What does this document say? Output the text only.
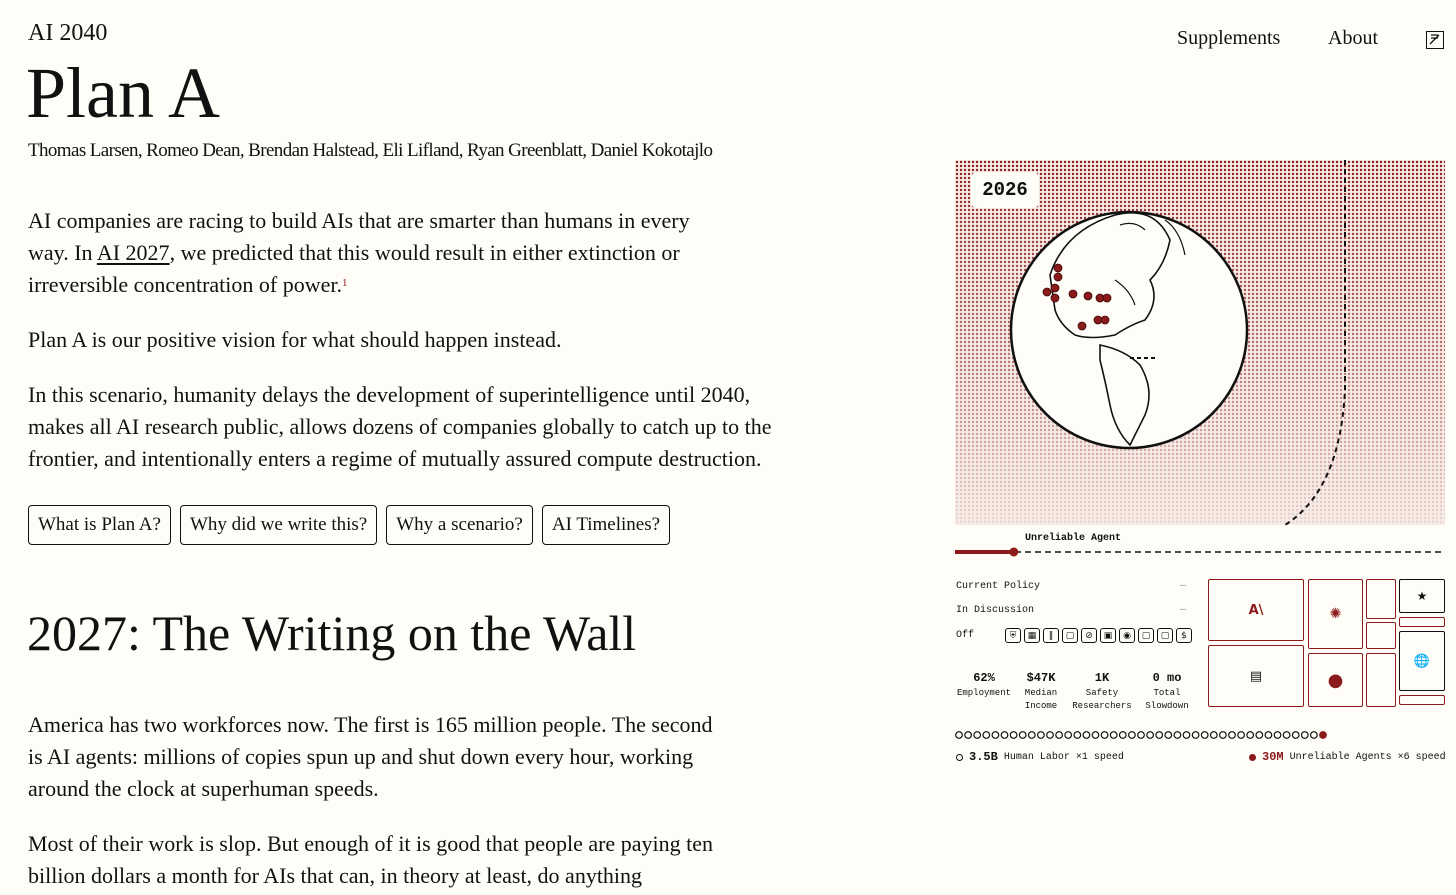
AI 2040	Supplements About
Plan A
Thomas Larsen, Romeo Dean, Brendan Halstead, Eli Lifland, Ryan Greenblatt, Daniel Kokotajlo

AI companies are racing to build AIs that are smarter than humans in every way. In AI 2027, we predicted that this would result in either extinction or irreversible concentration of power.$^1$

Plan A is our positive vision for what should happen instead.

In this scenario, humanity delays the development of superintelligence until 2040, makes all AI research public, allows dozens of companies globally to catch up to the frontier, and intentionally enters a regime of mutually assured compute destruction.

What is Plan A?	Why did we write this?	Why a scenario?	AI Timelines?
2027: The Writing on the Wall

America has two workforces now. The first is 165 million people. The second is AI agents: millions of copies spun up and shut down every hour, working around the clock at superhuman speeds.

Most of their work is slop. But enough of it is good that people are paying ten billion dollars a month for AIs that can, in theory at least, do anything

2026
Unreliable Agent
Current Policy	—
In Discussion	—
Off	⛨	▦	‖	▢	⊘	▣	◉	▢	▢	$
62%
Employment
$47K
Median Income
1K
Safety Researchers
0 mo
Total Slowdown
A\	✺
★
▤	●
🌐
3.5B Human Labor ×1 speed	30M Unreliable Agents ×6 speed
